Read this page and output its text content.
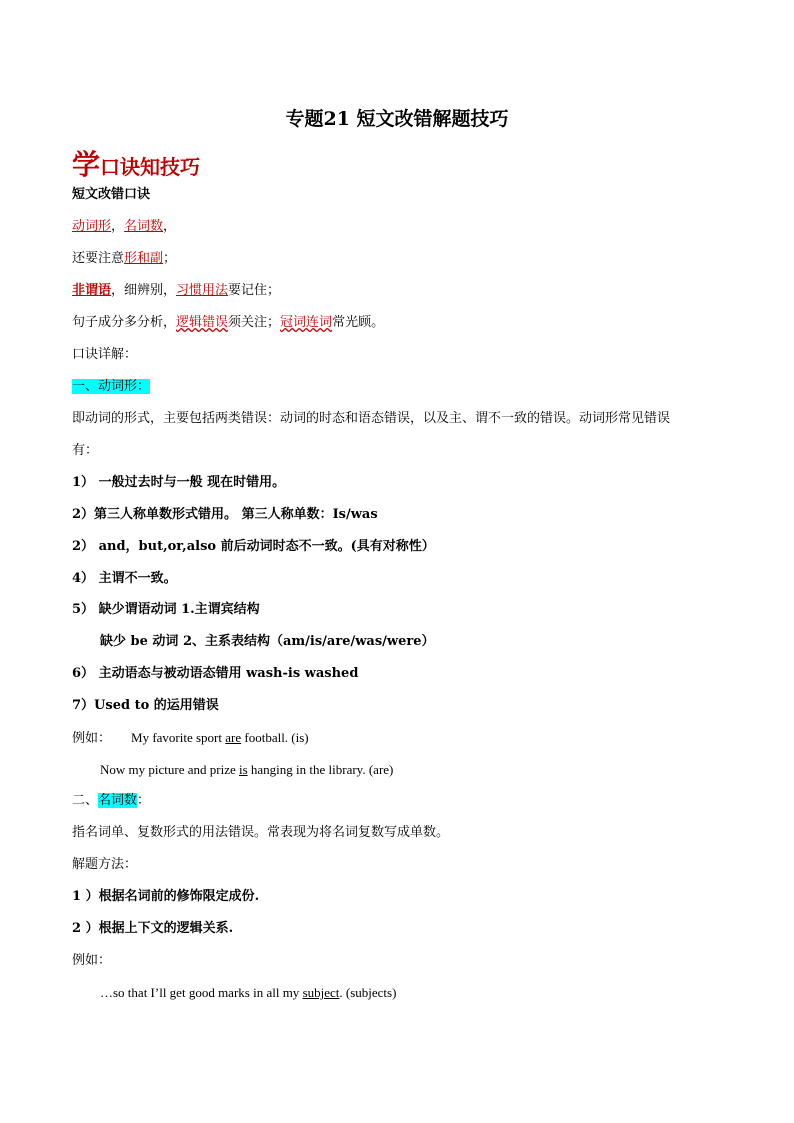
专题21 短文改错解题技巧
学口诀知技巧
短文改错口诀
动词形，名词数，
还要注意形和副；
非谓语，细辨别，习惯用法要记住；
句子成分多分析，逻辑错误须关注；冠词连词常光顾。
口诀详解：
一、动词形：
即动词的形式，主要包括两类错误：动词的时态和语态错误，以及主、谓不一致的错误。动词形常见错误
有：
1） 一般过去时与一般 现在时错用。
2）第三人称单数形式错用。 第三人称单数：Is/was
2） and，but,or,also 前后动词时态不一致。(具有对称性）
4） 主谓不一致。
5） 缺少谓语动词 1.主谓宾结构
缺少 be 动词 2、主系表结构（am/is/are/was/were）
6） 主动语态与被动语态错用 wash-is washed
7）Used to 的运用错误
例如： My favorite sport are football. (is)
Now my picture and prize is hanging in the library. (are)
二、名词数：
指名词单、复数形式的用法错误。常表现为将名词复数写成单数。
解题方法：
1 ）根据名词前的修饰限定成份.
2 ）根据上下文的逻辑关系.
例如：
…so that I’ll get good marks in all my subject. (subjects)
